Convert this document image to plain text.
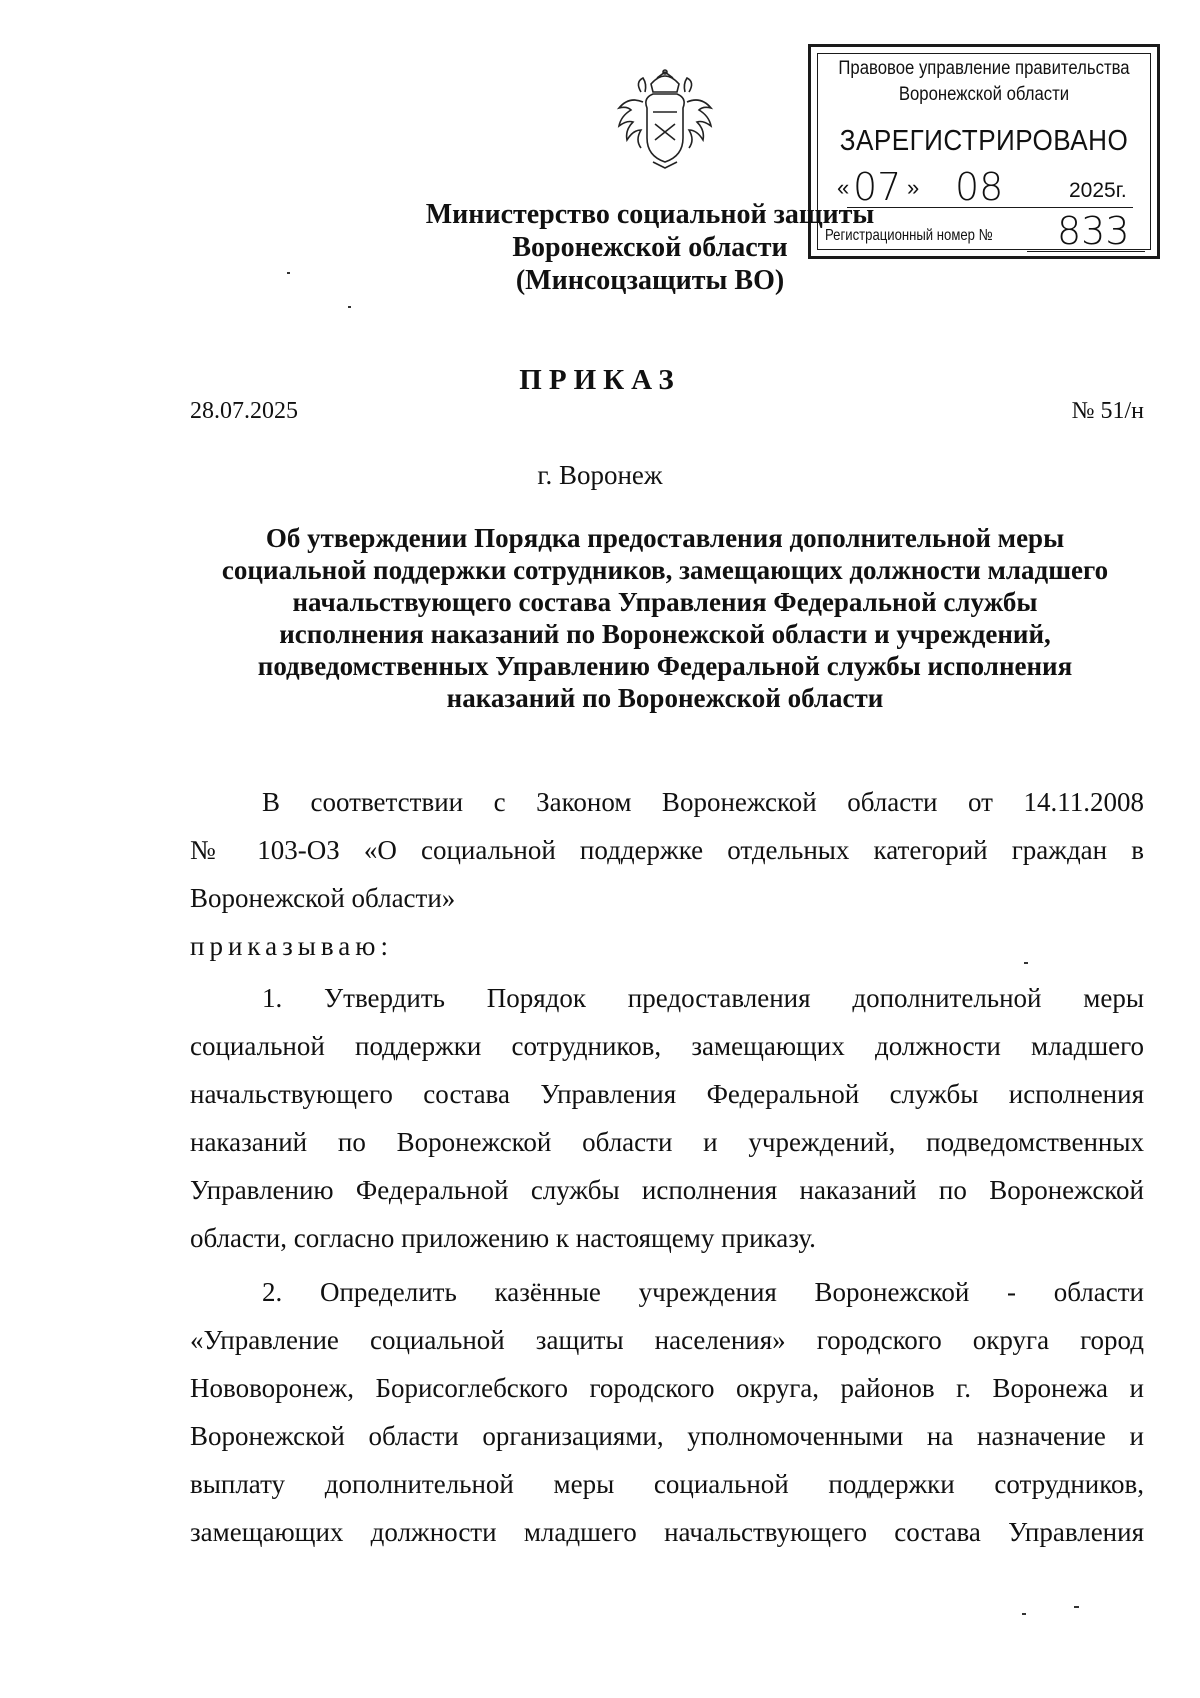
Правовое управление правительства
Воронежской области
ЗАРЕГИСТРИРОВАНО
« 07 » 08	2025г.
Регистрационный номер № 833
Министерство социальной защиты
Воронежской области
(Минсоцзащиты ВО)
ПРИКАЗ
28.07.2025	№ 51/н
г. Воронеж
Об утверждении Порядка предоставления дополнительной меры
социальной поддержки сотрудников, замещающих должности младшего
начальствующего состава Управления Федеральной службы
исполнения наказаний по Воронежской области и учреждений,
подведомственных Управлению Федеральной службы исполнения
наказаний по Воронежской области
В соответствии с Законом Воронежской области от 14.11.2008
№ 103-ОЗ «О социальной поддержке отдельных категорий граждан в
Воронежской области»
приказываю:
1. Утвердить Порядок предоставления дополнительной меры
социальной поддержки сотрудников, замещающих должности младшего
начальствующего состава Управления Федеральной службы исполнения
наказаний по Воронежской области и учреждений, подведомственных
Управлению Федеральной службы исполнения наказаний по Воронежской
области, согласно приложению к настоящему приказу.
2. Определить казённые учреждения Воронежской - области
«Управление социальной защиты населения» городского округа город
Нововоронеж, Борисоглебского городского округа, районов г. Воронежа и
Воронежской области организациями, уполномоченными на назначение и
выплату дополнительной меры социальной поддержки сотрудников,
замещающих должности младшего начальствующего состава Управления
